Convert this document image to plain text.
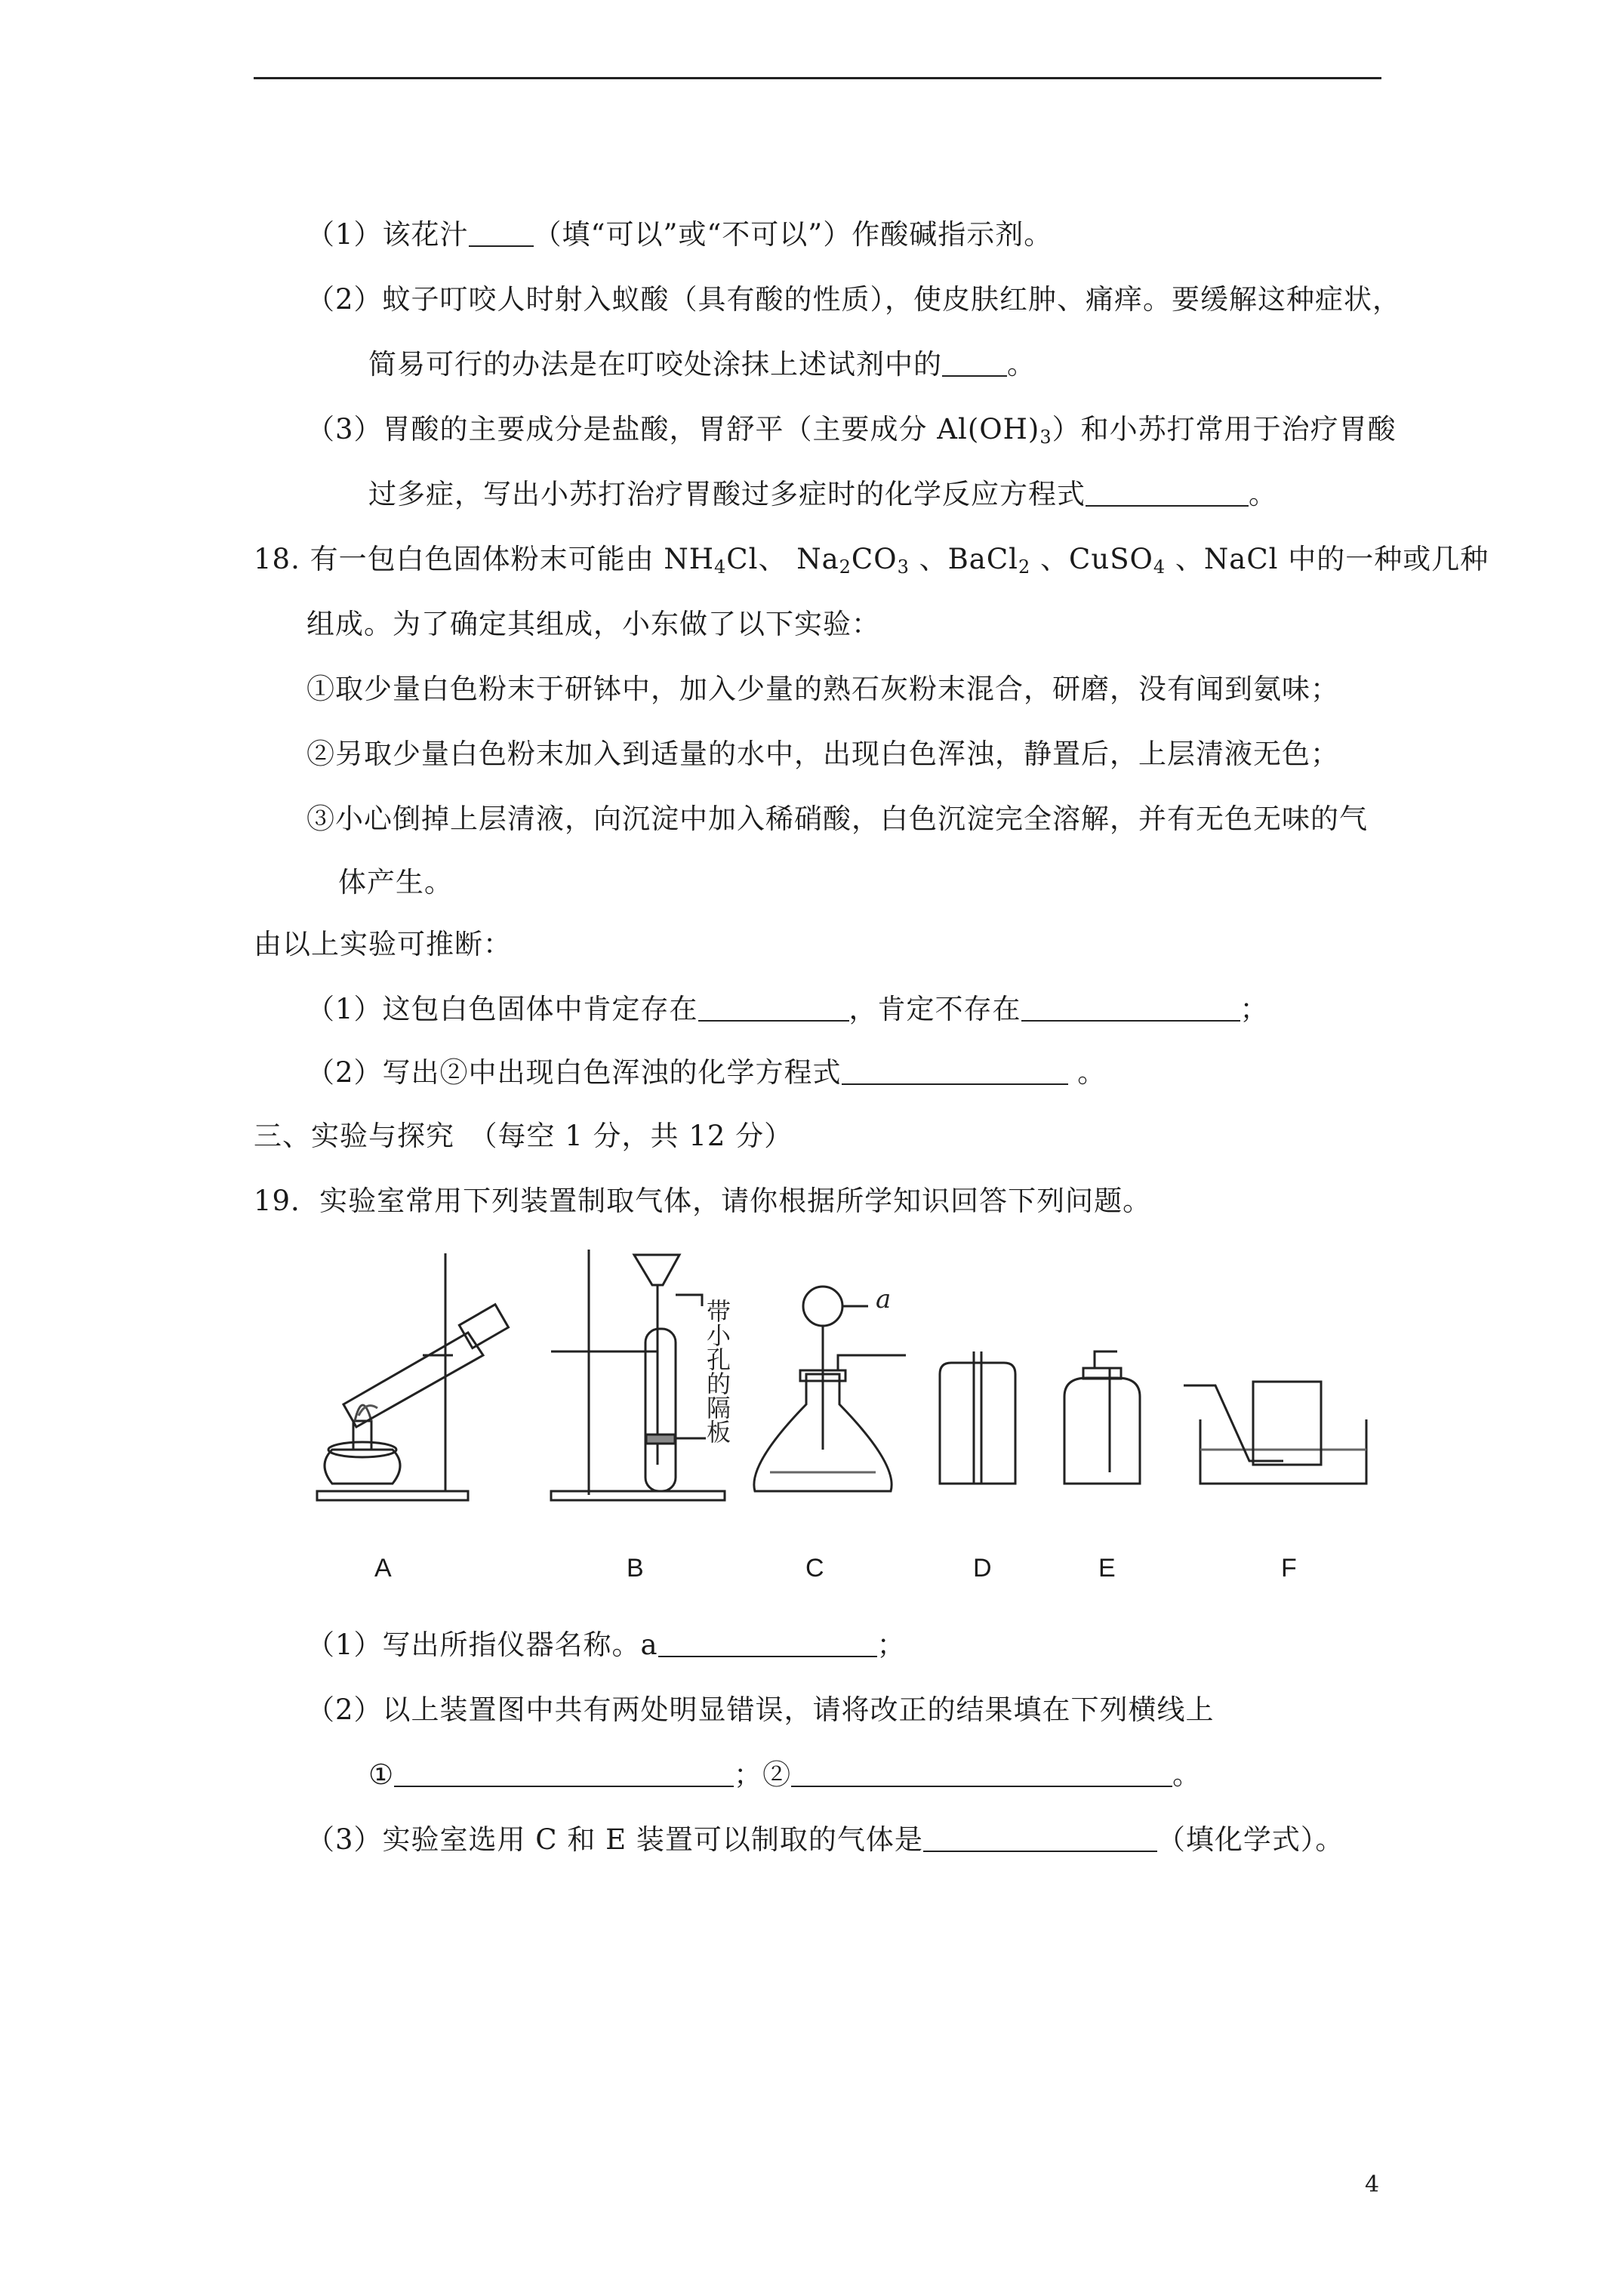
（1）该花汁 （填“可以”或“不可以”）作酸碱指示剂。
（2）蚊子叮咬人时射入蚁酸（具有酸的性质），使皮肤红肿、痛痒。要缓解这种症状，
简易可行的办法是在叮咬处涂抹上述试剂中的 。
（3）胃酸的主要成分是盐酸，胃舒平（主要成分 $Al(OH)_3$）和小苏打常用于治疗胃酸
过多症，写出小苏打治疗胃酸过多症时的化学反应方程式	。
18. 有一包白色固体粉末可能由 $NH_4Cl$、 $Na_2CO_3$ 、BaCl$_2$ 、CuSO$_4$ 、NaCl 中的一种或几种
组成。为了确定其组成，小东做了以下实验：
①取少量白色粉末于研钵中，加入少量的熟石灰粉末混合，研磨，没有闻到氨味；
②另取少量白色粉末加入到适量的水中，出现白色浑浊，静置后，上层清液无色；
③小心倒掉上层清液，向沉淀中加入稀硝酸，白色沉淀完全溶解，并有无色无味的气
体产生。
由以上实验可推断：
（1）这包白色固体中肯定存在	，肯定不存在	；
（2）写出②中出现白色浑浊的化学方程式	。
三、实验与探究　（每空 1 分，共 12 分）
19．实验室常用下列装置制取气体，请你根据所学知识回答下列问题。
带小孔的隔板	a
A	B	C	D	E	F
（1）写出所指仪器名称。a	；
（2）以上装置图中共有两处明显错误，请将改正的结果填在下列横线上
①	；②	。
（3）实验室选用 C 和 E 装置可以制取的气体是	（填化学式）。
4
